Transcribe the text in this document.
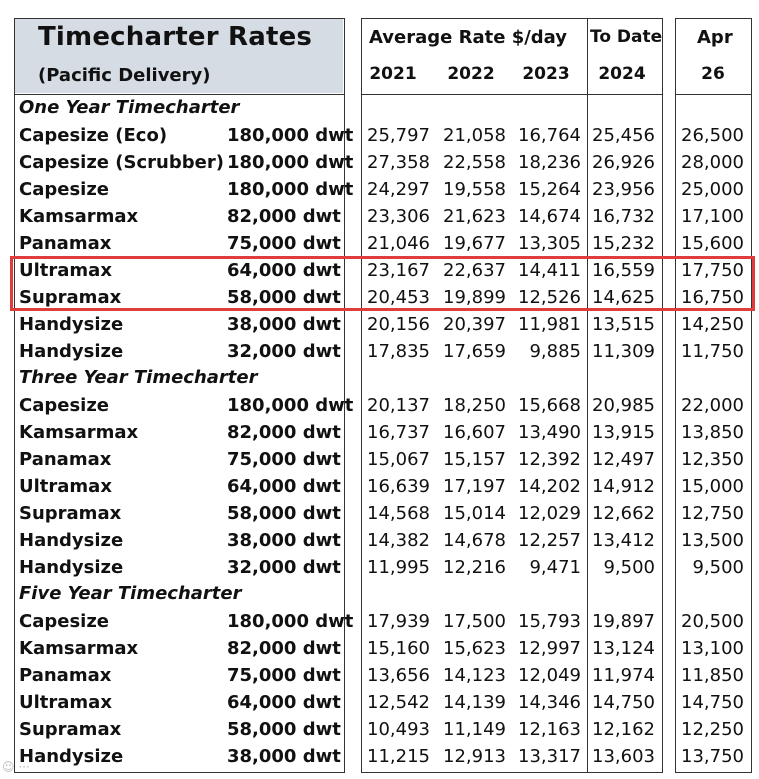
Timecharter Rates
(Pacific Delivery)
Average Rate $/day To Date Apr
2021	2022	2023	2024	26
One Year Timecharter
Capesize (Eco)	180,000 dwt 25,797 21,058 16,764 25,456 26,500
Capesize (Scrubber) 180,000 dwt 27,358 22,558 18,236 26,926 28,000
Capesize	180,000 dwt 24,297 19,558 15,264 23,956 25,000
Kamsarmax	82,000 dwt 23,306 21,623 14,674 16,732 17,100
Panamax	75,000 dwt 21,046 19,677 13,305 15,232 15,600
Ultramax	64,000 dwt 23,167 22,637 14,411 16,559 17,750
Supramax	58,000 dwt 20,453 19,899 12,526 14,625 16,750
Handysize	38,000 dwt 20,156 20,397 11,981 13,515 14,250
Handysize	32,000 dwt 17,835 17,659 9,885 11,309 11,750
Three Year Timecharter
Capesize	180,000 dwt 20,137 18,250 15,668 20,985 22,000
Kamsarmax	82,000 dwt 16,737 16,607 13,490 13,915 13,850
Panamax	75,000 dwt 15,067 15,157 12,392 12,497 12,350
Ultramax	64,000 dwt 16,639 17,197 14,202 14,912 15,000
Supramax	58,000 dwt 14,568 15,014 12,029 12,662 12,750
Handysize	38,000 dwt 14,382 14,678 12,257 13,412 13,500
Handysize	32,000 dwt 11,995 12,216 9,471 9,500 9,500
Five Year Timecharter
Capesize	180,000 dwt 17,939 17,500 15,793 19,897 20,500
Kamsarmax	82,000 dwt 15,160 15,623 12,997 13,124 13,100
Panamax	75,000 dwt 13,656 14,123 12,049 11,974 11,850
Ultramax	64,000 dwt 12,542 14,139 14,346 14,750 14,750
Supramax	58,000 dwt 10,493 11,149 12,163 12,162 12,250
Handysize	38,000 dwt 11,215 12,913 13,317 13,603 13,750
☺ ···
